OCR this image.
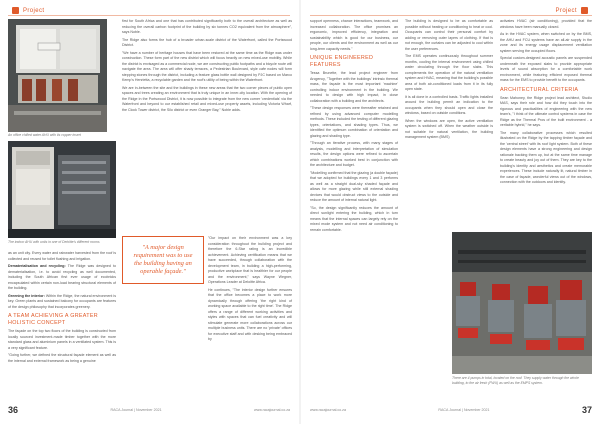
Project	Project
An office chilled water AHU with its copper insert
The indoor AHU with units in one of Deloitte's different rooms

as an unit city. Every water and rainwater harvested from the roof is collected and reused for toilet flushing and irrigation.

Dematerialisation and recycling: The Ridge was designed to dematerialisation, i.e. to avoid recycling as well documented, including the South African first ever usage of ecobricks encapsulated within certain non-load bearing structural elements of the building.

Greening the interior: Within the Ridge, the natural environment is key. Green plants and sustained balcony for occupants are features of the design philosophy that incorporates greenery.

A TEAM ACHIEVING A GREATER HOLISTIC CONCEPT

The façade on the top two floors of the building is constructed from locally sourced investment-made timber together with the more standard glass and aluminium panels in a ventilated system. This is a very significant feature.

"Going further, we defined the structural façade element as well as the internal and external framework as being a genuine

first for South Africa and one that has contributed significantly both to the overall architecture as well as reducing the overall carbon footprint of the building by six tonnes CO2 equivalent from the atmosphere", says Noble.

The Ridge also forms the hub of a broader urban-scale district of the Waterfront, called the Portswood District.

"We have a number of heritage houses that have been restored at the same time as the Ridge was under construction. These form part of the new district which will focus heavily on new mixed-use mobility. While the district is envisaged as a commercial node, we are constructing public footpaths and a bicycle route will navigate the area. The area will offer shady terraces, a Pedestrian Boulevard, style cafe nodes will form stepping stones through the district, including a feature glass bottle wall designed by PJC based on Marco Kemp's Henrietta, a recyclable garden and the roof's utility of being within the Waterfront.

We are in-between the site and the buildings in these new areas that the two corner pieces of public open spaces and trees creating an environment that is truly unique in an inner-city location. With the opening of the Ridge in the Portswood District, it is now possible to integrate from the new corner 'credentials' via the Waterfront and beyond to our established retail and mixed-use property assets, including Victoria Wharf, the Clock Tower district, the Silo district or even Granger Bay," Noble adds.

"A major design requirement was to use the building having an operable façade."

"Our impact on their environment was a key consideration throughout the building project and therefore the 6-Star rating is an incredible achievement. Achieving certification means that we have succeeded, through collaboration with the development team, in building a high-performing, productive workplace that is healthier for our people and the environment," says Wayne Wegner, Operations Leader at Deloitte Africa.

He continues, "The interior design further ensures that the office becomes a place to work more dynamically through offering 'the right kind of working space available to the right time'. The Ridge offers a range of different working activities and styles with spaces that can fuel creativity and will stimulate generate more collaborations across our multiple business units. There are no 'private' offices for executive staff and with desking being embraced by

36	RACA Journal | November 2021	www.racajournal.co.za

support openness, chance interactions, teamwork, and increased collaboration. The office promises an ergonomic, improved efficiency, integration and sustainability which is good for our business, our people, our clients and the environment as well as our long-term capacity needs."

UNIQUE ENGINEERED FEATURES

Tessa Brunette, the lead project engineer from Arcgency, "Together with the buildings' intrinsic thermal mass, the façade is the most important 'machine' controlling indoor environment in the building. We needed to design with high impact, in close collaboration with a building and the architects.

"These design responses were thereafter retained and refined by using advanced computer modelling methods. These included the testing of different glazing types, orientations, and shading types. Thus, we identified the optimum combination of orientation and glazing and shading type.

"Through an iterative process, with many stages of analysis, modelling and interpretation of simulation results, the design options were refined to ascertain which combinations worked best in conjunction with the architecture and budget.

"Modelling confirmed that the glazing (a double façade) that we adopted for buildings every 1 and 3 performs as well as a straight dual-sky shaded façade and allows for more glazing while still external shading devices that would obstruct views to the outside and reduce the amount of internal natural light.

"So, the design significantly reduces the amount of direct sunlight entering the building, which in turn means that the internal spaces can largely rely on the mixed mode system and not need air conditioning to remain comfortable.

The building is designed to be as comfortable as possible without heating or conditioning to heat or cool. Occupants can control their personal comfort by adding or removing outer layers of clothing. If that is not enough, the curtains can be adjusted to cool within the user preferences.

The EMS operates continuously throughout summer months, cooling the internal environment using chilled water circulating through the floor slabs. This complements the operation of the natural ventilation system and HVAC, meaning that the building's possible area of both air-conditioned loads from it in its fully open state.

It is all done in a controlled basis. Traffic lights installed around the building permit an indication to the occupants when they should open and close the windows, based on outside conditions.

When the windows are open, the active ventilation system is switched off. When the weather outside is not suitable for natural ventilation, the building management system (BMS)

activates HVAC (air conditioning), provided that the windows have been manually closed.

As in the HVAC system, when switched on by the BMS, the AHU and FCU systems have an all-air supply in the zone and its energy usage displacement ventilation system serving the occupied floors.

Special custom-designed acoustic panels are suspended underneath the exposed slabs to provide appropriate levels of sound absorption for a comfortable work environment, while featuring efficient exposed thermal mass for the EMS to provide benefit to the occupants.

ARCHITECTURAL CRITERIA

Sean Mahoney, the Ridge project lead architect, Studio MAS, says their role and how did they touch into the rigorous and practicalities of engineering with the new team's, "I think of the ultimate control systems in case the Ridge as the Thermal Pros of the built environment - a veritable hybrid," he says.

The many collaborative processes which resulted illustrated on the Ridge by the tapping timber façade and the 'central street' with its roof light system. Both of these design elements have a strong engineering and design rationale backing them up, but at the same time manage to create beauty and joy out of them. They are key to the building's identity and aesthetics and create memorable experiences. These include naturally lit, natural timber in the case of façade, wonderful views out of the windows, connection with the outdoors and identity.

There are 4 pumps in total, located on the roof. They supply water through the whole building, to the air fresh (FWU) as well as the EMPS system.
www.racajournal.co.za	RACA Journal | November 2021	37
